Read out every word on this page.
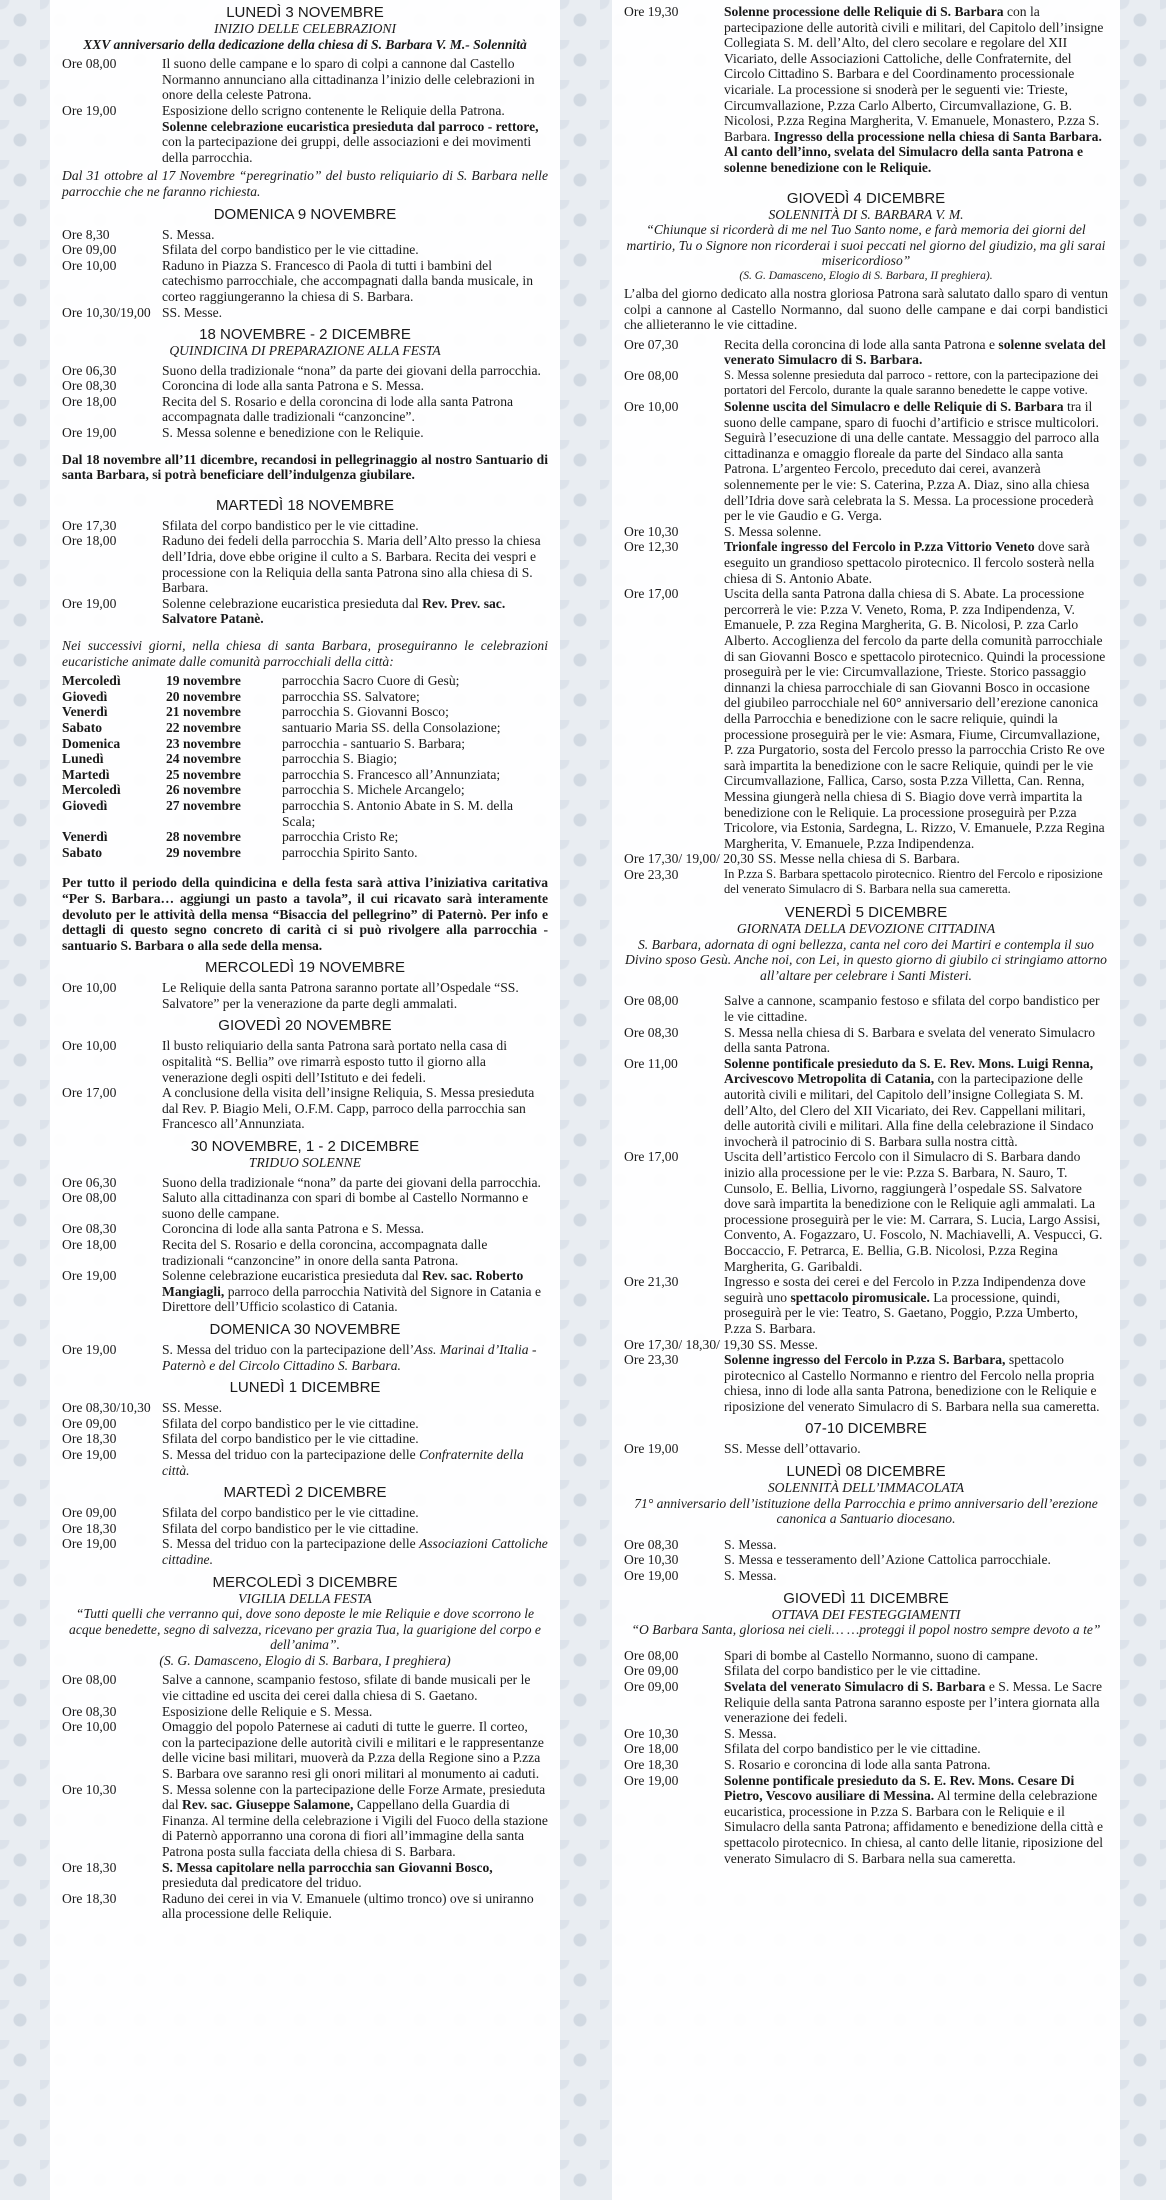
LUNEDÌ 3 NOVEMBRE
INIZIO DELLE CELEBRAZIONI
XXV anniversario della dedicazione della chiesa di S. Barbara V. M.- Solennità
Ore 08,00	Il suono delle campane e lo sparo di colpi a cannone dal Castello Normanno annunciano alla cittadinanza l’inizio delle celebrazioni in onore della celeste Patrona.
Ore 19,00	Esposizione dello scrigno contenente le Reliquie della Patrona. Solenne celebrazione eucaristica presieduta dal parroco - rettore, con la partecipazione dei gruppi, delle associazioni e dei movimenti della parrocchia.
Dal 31 ottobre al 17 Novembre “peregrinatio” del busto reliquiario di S. Barbara nelle parrocchie che ne faranno richiesta.
DOMENICA 9 NOVEMBRE
Ore 8,30	S. Messa.
Ore 09,00	Sfilata del corpo bandistico per le vie cittadine.
Ore 10,00	Raduno in Piazza S. Francesco di Paola di tutti i bambini del catechismo parrocchiale, che accompagnati dalla banda musicale, in corteo raggiungeranno la chiesa di S. Barbara.
Ore 10,30/19,00 SS. Messe.
18 NOVEMBRE - 2 DICEMBRE
QUINDICINA DI PREPARAZIONE ALLA FESTA
Ore 06,30	Suono della tradizionale “nona” da parte dei giovani della parrocchia.
Ore 08,30	Coroncina di lode alla santa Patrona e S. Messa.
Ore 18,00	Recita del S. Rosario e della coroncina di lode alla santa Patrona accompagnata dalle tradizionali “canzoncine”.
Ore 19,00	S. Messa solenne e benedizione con le Reliquie.
Dal 18 novembre all’11 dicembre, recandosi in pellegrinaggio al nostro Santuario di santa Barbara, si potrà beneficiare dell’indulgenza giubilare.
MARTEDÌ 18 NOVEMBRE
Ore 17,30	Sfilata del corpo bandistico per le vie cittadine.
Ore 18,00	Raduno dei fedeli della parrocchia S. Maria dell’Alto presso la chiesa dell’Idria, dove ebbe origine il culto a S. Barbara. Recita dei vespri e processione con la Reliquia della santa Patrona sino alla chiesa di S. Barbara.
Ore 19,00	Solenne celebrazione eucaristica presieduta dal Rev. Prev. sac. Salvatore Patanè.
Nei successivi giorni, nella chiesa di santa Barbara, proseguiranno le celebrazioni eucaristiche animate dalle comunità parrocchiali della città:
Mercoledì	19 novembre	parrocchia Sacro Cuore di Gesù;
Giovedì	20 novembre	parrocchia SS. Salvatore;
Venerdì	21 novembre	parrocchia S. Giovanni Bosco;
Sabato	22 novembre	santuario Maria SS. della Consolazione;
Domenica	23 novembre	parrocchia - santuario S. Barbara;
Lunedì	24 novembre	parrocchia S. Biagio;
Martedì	25 novembre	parrocchia S. Francesco all’Annunziata;
Mercoledì	26 novembre	parrocchia S. Michele Arcangelo;
Giovedì	27 novembre	parrocchia S. Antonio Abate in S. M. della Scala;
Venerdì	28 novembre	parrocchia Cristo Re;
Sabato	29 novembre	parrocchia Spirito Santo.
Per tutto il periodo della quindicina e della festa sarà attiva l’iniziativa caritativa “Per S. Barbara… aggiungi un pasto a tavola”, il cui ricavato sarà interamente devoluto per le attività della mensa “Bisaccia del pellegrino” di Paternò. Per info e dettagli di questo segno concreto di carità ci si può rivolgere alla parrocchia - santuario S. Barbara o alla sede della mensa.
MERCOLEDÌ 19 NOVEMBRE
Ore 10,00	Le Reliquie della santa Patrona saranno portate all’Ospedale “SS. Salvatore” per la venerazione da parte degli ammalati.
GIOVEDÌ 20 NOVEMBRE
Ore 10,00	Il busto reliquiario della santa Patrona sarà portato nella casa di ospitalità “S. Bellia” ove rimarrà esposto tutto il giorno alla venerazione degli ospiti dell’Istituto e dei fedeli.
Ore 17,00	A conclusione della visita dell’insigne Reliquia, S. Messa presieduta dal Rev. P. Biagio Meli, O.F.M. Capp, parroco della parrocchia san Francesco all’Annunziata.
30 NOVEMBRE, 1 - 2 DICEMBRE
TRIDUO SOLENNE
Ore 06,30	Suono della tradizionale “nona” da parte dei giovani della parrocchia.
Ore 08,00	Saluto alla cittadinanza con spari di bombe al Castello Normanno e suono delle campane.
Ore 08,30	Coroncina di lode alla santa Patrona e S. Messa.
Ore 18,00	Recita del S. Rosario e della coroncina, accompagnata dalle tradizionali “canzoncine” in onore della santa Patrona.
Ore 19,00	Solenne celebrazione eucaristica presieduta dal Rev. sac. Roberto Mangiagli, parroco della parrocchia Natività del Signore in Catania e Direttore dell’Ufficio scolastico di Catania.
DOMENICA 30 NOVEMBRE
Ore 19,00	S. Messa del triduo con la partecipazione dell’Ass. Marinai d’Italia - Paternò e del Circolo Cittadino S. Barbara.
LUNEDÌ 1 DICEMBRE
Ore 08,30/10,30 SS. Messe.
Ore 09,00	Sfilata del corpo bandistico per le vie cittadine.
Ore 18,30	Sfilata del corpo bandistico per le vie cittadine.
Ore 19,00	S. Messa del triduo con la partecipazione delle Confraternite della città.
MARTEDÌ 2 DICEMBRE
Ore 09,00	Sfilata del corpo bandistico per le vie cittadine.
Ore 18,30	Sfilata del corpo bandistico per le vie cittadine.
Ore 19,00	S. Messa del triduo con la partecipazione delle Associazioni Cattoliche cittadine.
MERCOLEDÌ 3 DICEMBRE
VIGILIA DELLA FESTA
“Tutti quelli che verranno qui, dove sono deposte le mie Reliquie e dove scorrono le acque benedette, segno di salvezza, ricevano per grazia Tua, la guarigione del corpo e dell’anima”.
(S. G. Damasceno, Elogio di S. Barbara, I preghiera)
Ore 08,00	Salve a cannone, scampanio festoso, sfilate di bande musicali per le vie cittadine ed uscita dei cerei dalla chiesa di S. Gaetano.
Ore 08,30	Esposizione delle Reliquie e S. Messa.
Ore 10,00	Omaggio del popolo Paternese ai caduti di tutte le guerre. Il corteo, con la partecipazione delle autorità civili e militari e le rappresentanze delle vicine basi militari, muoverà da P.zza della Regione sino a P.zza S. Barbara ove saranno resi gli onori militari al monumento ai caduti.
Ore 10,30	S. Messa solenne con la partecipazione delle Forze Armate, presieduta dal Rev. sac. Giuseppe Salamone, Cappellano della Guardia di Finanza. Al termine della celebrazione i Vigili del Fuoco della stazione di Paternò apporranno una corona di fiori all’immagine della santa Patrona posta sulla facciata della chiesa di S. Barbara.
Ore 18,30	S. Messa capitolare nella parrocchia san Giovanni Bosco, presieduta dal predicatore del triduo.
Ore 18,30	Raduno dei cerei in via V. Emanuele (ultimo tronco) ove si uniranno alla processione delle Reliquie.
Ore 19,30	Solenne processione delle Reliquie di S. Barbara con la partecipazione delle autorità civili e militari, del Capitolo dell’insigne Collegiata S. M. dell’Alto, del clero secolare e regolare del XII Vicariato, delle Associazioni Cattoliche, delle Confraternite, del Circolo Cittadino S. Barbara e del Coordinamento processionale vicariale. La processione si snoderà per le seguenti vie: Trieste, Circumvallazione, P.zza Carlo Alberto, Circumvallazione, G. B. Nicolosi, P.zza Regina Margherita, V. Emanuele, Monastero, P.zza S. Barbara. Ingresso della processione nella chiesa di Santa Barbara. Al canto dell’inno, svelata del Simulacro della santa Patrona e solenne benedizione con le Reliquie.
GIOVEDÌ 4 DICEMBRE
SOLENNITÀ DI S. BARBARA V. M.
“Chiunque si ricorderà di me nel Tuo Santo nome, e farà memoria dei giorni del martirio, Tu o Signore non ricorderai i suoi peccati nel giorno del giudizio, ma gli sarai misericordioso”
(S. G. Damasceno, Elogio di S. Barbara, II preghiera).
L’alba del giorno dedicato alla nostra gloriosa Patrona sarà salutato dallo sparo di ventun colpi a cannone al Castello Normanno, dal suono delle campane e dai corpi bandistici che allieteranno le vie cittadine.
Ore 07,30	Recita della coroncina di lode alla santa Patrona e solenne svelata del venerato Simulacro di S. Barbara.
Ore 08,00	S. Messa solenne presieduta dal parroco - rettore, con la partecipazione dei portatori del Fercolo, durante la quale saranno benedette le cappe votive.
Ore 10,00	Solenne uscita del Simulacro e delle Reliquie di S. Barbara tra il suono delle campane, sparo di fuochi d’artificio e strisce multicolori. Seguirà l’esecuzione di una delle cantate. Messaggio del parroco alla cittadinanza e omaggio floreale da parte del Sindaco alla santa Patrona. L’argenteo Fercolo, preceduto dai cerei, avanzerà solennemente per le vie: S. Caterina, P.zza A. Diaz, sino alla chiesa dell’Idria dove sarà celebrata la S. Messa. La processione procederà per le vie Gaudio e G. Verga.
Ore 10,30	S. Messa solenne.
Ore 12,30	Trionfale ingresso del Fercolo in P.zza Vittorio Veneto dove sarà eseguito un grandioso spettacolo pirotecnico. Il fercolo sosterà nella chiesa di S. Antonio Abate.
Ore 17,00	Uscita della santa Patrona dalla chiesa di S. Abate. La processione percorrerà le vie: P.zza V. Veneto, Roma, P. zza Indipendenza, V. Emanuele, P. zza Regina Margherita, G. B. Nicolosi, P. zza Carlo Alberto. Accoglienza del fercolo da parte della comunità parrocchiale di san Giovanni Bosco e spettacolo pirotecnico. Quindi la processione proseguirà per le vie: Circumvallazione, Trieste. Storico passaggio dinnanzi la chiesa parrocchiale di san Giovanni Bosco in occasione del giubileo parrocchiale nel 60° anniversario dell’erezione canonica della Parrocchia e benedizione con le sacre reliquie, quindi la processione proseguirà per le vie: Asmara, Fiume, Circumvallazione, P. zza Purgatorio, sosta del Fercolo presso la parrocchia Cristo Re ove sarà impartita la benedizione con le sacre Reliquie, quindi per le vie Circumvallazione, Fallica, Carso, sosta P.zza Villetta, Can. Renna, Messina giungerà nella chiesa di S. Biagio dove verrà impartita la benedizione con le Reliquie. La processione proseguirà per P.zza Tricolore, via Estonia, Sardegna, L. Rizzo, V. Emanuele, P.zza Regina Margherita, V. Emanuele, P.zza Indipendenza.
Ore 17,30/ 19,00/ 20,30 SS. Messe nella chiesa di S. Barbara.
Ore 23,30	In P.zza S. Barbara spettacolo pirotecnico. Rientro del Fercolo e riposizione del venerato Simulacro di S. Barbara nella sua cameretta.
VENERDÌ 5 DICEMBRE
GIORNATA DELLA DEVOZIONE CITTADINA
S. Barbara, adornata di ogni bellezza, canta nel coro dei Martiri e contempla il suo Divino sposo Gesù. Anche noi, con Lei, in questo giorno di giubilo ci stringiamo attorno all’altare per celebrare i Santi Misteri.
Ore 08,00	Salve a cannone, scampanio festoso e sfilata del corpo bandistico per le vie cittadine.
Ore 08,30	S. Messa nella chiesa di S. Barbara e svelata del venerato Simulacro della santa Patrona.
Ore 11,00	Solenne pontificale presieduto da S. E. Rev. Mons. Luigi Renna, Arcivescovo Metropolita di Catania, con la partecipazione delle autorità civili e militari, del Capitolo dell’insigne Collegiata S. M. dell’Alto, del Clero del XII Vicariato, dei Rev. Cappellani militari, delle autorità civili e militari. Alla fine della celebrazione il Sindaco invocherà il patrocinio di S. Barbara sulla nostra città.
Ore 17,00	Uscita dell’artistico Fercolo con il Simulacro di S. Barbara dando inizio alla processione per le vie: P.zza S. Barbara, N. Sauro, T. Cunsolo, E. Bellia, Livorno, raggiungerà l’ospedale SS. Salvatore dove sarà impartita la benedizione con le Reliquie agli ammalati. La processione proseguirà per le vie: M. Carrara, S. Lucia, Largo Assisi, Convento, A. Fogazzaro, U. Foscolo, N. Machiavelli, A. Vespucci, G. Boccaccio, F. Petrarca, E. Bellia, G.B. Nicolosi, P.zza Regina Margherita, G. Garibaldi.
Ore 21,30	Ingresso e sosta dei cerei e del Fercolo in P.zza Indipendenza dove seguirà uno spettacolo piromusicale. La processione, quindi, proseguirà per le vie: Teatro, S. Gaetano, Poggio, P.zza Umberto, P.zza S. Barbara.
Ore 17,30/ 18,30/ 19,30 SS. Messe.
Ore 23,30	Solenne ingresso del Fercolo in P.zza S. Barbara, spettacolo pirotecnico al Castello Normanno e rientro del Fercolo nella propria chiesa, inno di lode alla santa Patrona, benedizione con le Reliquie e riposizione del venerato Simulacro di S. Barbara nella sua cameretta.
07-10 DICEMBRE
Ore 19,00	SS. Messe dell’ottavario.
LUNEDÌ 08 DICEMBRE
SOLENNITÀ DELL’IMMACOLATA
71° anniversario dell’istituzione della Parrocchia e primo anniversario dell’erezione canonica a Santuario diocesano.
Ore 08,30	S. Messa.
Ore 10,30	S. Messa e tesseramento dell’Azione Cattolica parrocchiale.
Ore 19,00	S. Messa.
GIOVEDÌ 11 DICEMBRE
OTTAVA DEI FESTEGGIAMENTI
“O Barbara Santa, gloriosa nei cieli… …proteggi il popol nostro sempre devoto a te”
Ore 08,00	Spari di bombe al Castello Normanno, suono di campane.
Ore 09,00	Sfilata del corpo bandistico per le vie cittadine.
Ore 09,00	Svelata del venerato Simulacro di S. Barbara e S. Messa. Le Sacre Reliquie della santa Patrona saranno esposte per l’intera giornata alla venerazione dei fedeli.
Ore 10,30	S. Messa.
Ore 18,00	Sfilata del corpo bandistico per le vie cittadine.
Ore 18,30	S. Rosario e coroncina di lode alla santa Patrona.
Ore 19,00	Solenne pontificale presieduto da S. E. Rev. Mons. Cesare Di Pietro, Vescovo ausiliare di Messina. Al termine della celebrazione eucaristica, processione in P.zza S. Barbara con le Reliquie e il Simulacro della santa Patrona; affidamento e benedizione della città e spettacolo pirotecnico. In chiesa, al canto delle litanie, riposizione del venerato Simulacro di S. Barbara nella sua cameretta.
